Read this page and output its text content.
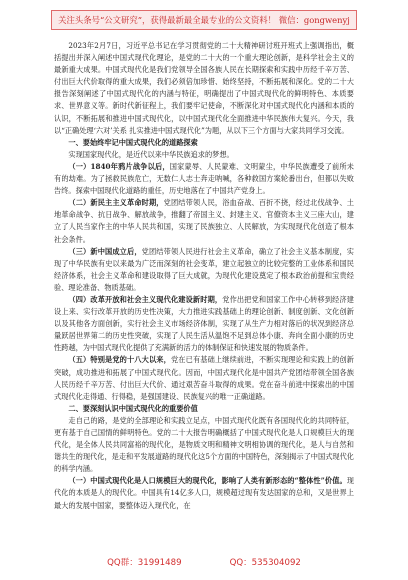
关注头条号“公文研究”，获得最新最全最专业的公文资料！ 微信：gongwenyj

2023年2月7日，习近平总书记在学习贯彻党的二十大精神研讨班开班式上强调指出，概括提出并深入阐述中国式现代化理论，是党的二十大的一个重大理论创新，是科学社会主义的最新重大成果。中国式现代化是我们党领导全国各族人民在长期探索和实践中历经千辛万苦、付出巨大代价取得的重大成果，我们必须倍加珍惜、始终坚持，不断拓展和深化。党的二十大报告深刻阐述了中国式现代化的内涵与特征，明确提出了中国式现代化的鲜明特色、本质要求、世界意义等。新时代新征程上，我们要牢记使命，不断深化对中国式现代化内涵和本质的认识，不断拓展和推进中国式现代化，以中国式现代化全面推进中华民族伟大复兴。今天，我以“正确处理‘六对’关系 扎实推进中国式现代化”为题，从以下三个方面与大家共同学习交流。

一、要始终牢记中国式现代化的道路探索

实现国家现代化，是近代以来中华民族追求的梦想。

（一）1840年鸦片战争以后，国家蒙辱、人民蒙难、文明蒙尘，中华民族遭受了前所未有的劫难。为了拯救民族危亡，无数仁人志士奔走呐喊，各种救国方案轮番出台，但都以失败告终。探索中国现代化道路的重任，历史地落在了中国共产党身上。

（二）新民主主义革命时期，党团结带领人民，浴血奋战、百折不挠，经过北伐战争、土地革命战争、抗日战争、解放战争，推翻了帝国主义、封建主义、官僚资本主义三座大山，建立了人民当家作主的中华人民共和国，实现了民族独立、人民解放，为实现现代化创造了根本社会条件。

（三）新中国成立后，党团结带领人民进行社会主义革命，确立了社会主义基本制度，实现了中华民族有史以来最为广泛而深刻的社会变革，建立起独立的比较完整的工业体系和国民经济体系，社会主义革命和建设取得了巨大成就，为现代化建设奠定了根本政治前提和宝贵经验、理论准备、物质基础。

（四）改革开放和社会主义现代化建设新时期，党作出把党和国家工作中心转移到经济建设上来、实行改革开放的历史性决策，大力推进实践基础上的理论创新、制度创新、文化创新以及其他各方面创新，实行社会主义市场经济体制，实现了从生产力相对落后的状况到经济总量跃居世界第二的历史性突破，实现了人民生活从温饱不足到总体小康、奔向全面小康的历史性跨越，为中国式现代化提供了充满新的活力的体制保证和快速发展的物质条件。

（五）特别是党的十八大以来，党在已有基础上继续前进，不断实现理论和实践上的创新突破，成功推进和拓展了中国式现代化。因而，中国式现代化是中国共产党团结带领全国各族人民历经千辛万苦、付出巨大代价、通过艰苦奋斗取得的成果。党在奋斗前进中探索出的中国式现代化走得通、行得稳，是强国建设、民族复兴的唯一正确道路。

二、要深刻认识中国式现代化的重要价值

走自己的路，是党的全部理论和实践立足点，中国式现代化既有各国现代化的共同特征，更有基于自己国情的鲜明特色。党的二十大报告明确概括了中国式现代化是人口规模巨大的现代化，是全体人民共同富裕的现代化，是物质文明和精神文明相协调的现代化，是人与自然和谐共生的现代化，是走和平发展道路的现代化这5个方面的中国特色，深刻揭示了中国式现代化的科学内涵。

（一）中国式现代化是人口规模巨大的现代化，影响了人类有新形态的“整体性”价值。现代化的本质是人的现代化。中国具有14亿多人口，规模超过现有发达国家的总和，又是世界上最大的发展中国家，要整体迈入现代化，在

QQ群：31991489	QQ：535304092
